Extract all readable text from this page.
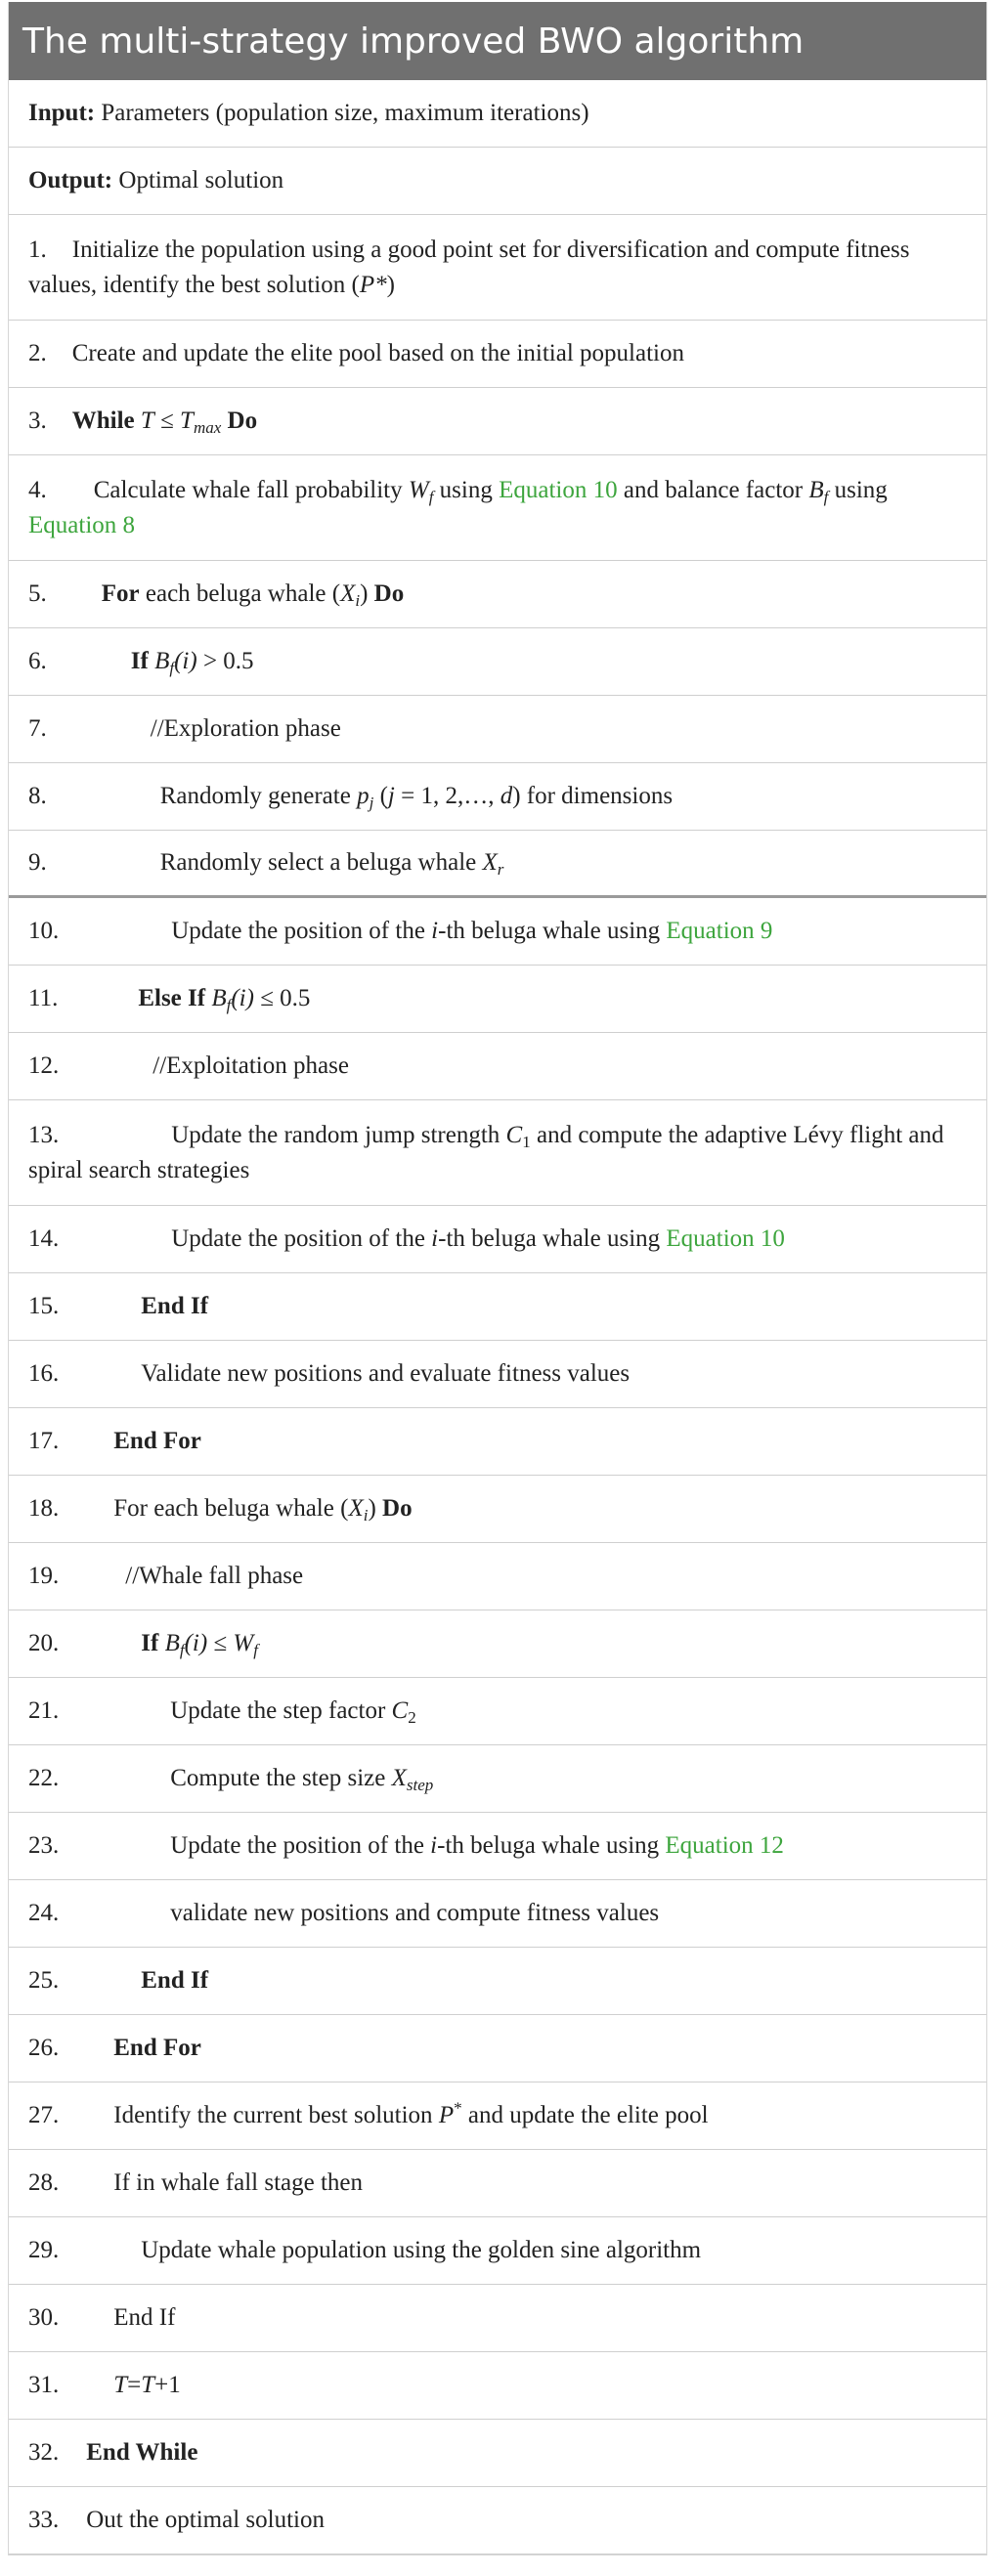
The multi-strategy improved BWO algorithm
Input: Parameters (population size, maximum iterations)
Output: Optimal solution
1. Initialize the population using a good point set for diversification and compute fitness values, identify the best solution (P*)
2. Create and update the elite pool based on the initial population
3. While $T \le T_{max}$ Do
4. Calculate whale fall probability $W_f$ using Equation 10 and balance factor $B_f$ using Equation 8
5. For each beluga whale $(X_i)$ Do
6.	If $B_f(i) > 0.5$
7.	//Exploration phase
8.	Randomly generate $p_j$ (j = 1, 2,…, d) for dimensions
9.	Randomly select a beluga whale $X_r$
10.	Update the position of the i-th beluga whale using Equation 9
11.	Else If $B_f(i) \le 0.5$
12.	//Exploitation phase
13.	Update the random jump strength $C_1$ and compute the adaptive Lévy flight and spiral search strategies
14.	Update the position of the i-th beluga whale using Equation 10
15.	End If
16.	Validate new positions and evaluate fitness values
17. End For
18. For each beluga whale $(X_i)$ Do
19.	//Whale fall phase
20.	If $B_f(i) \le W_f$
21.	Update the step factor $C_2$
22.	Compute the step size $X_{step}$
23.	Update the position of the i-th beluga whale using Equation 12
24.	validate new positions and compute fitness values
25.	End If
26. End For
27. Identify the current best solution P* and update the elite pool
28. If in whale fall stage then
29.	Update whale population using the golden sine algorithm
30. End If
31. T=T+1
32. End While
33. Out the optimal solution
